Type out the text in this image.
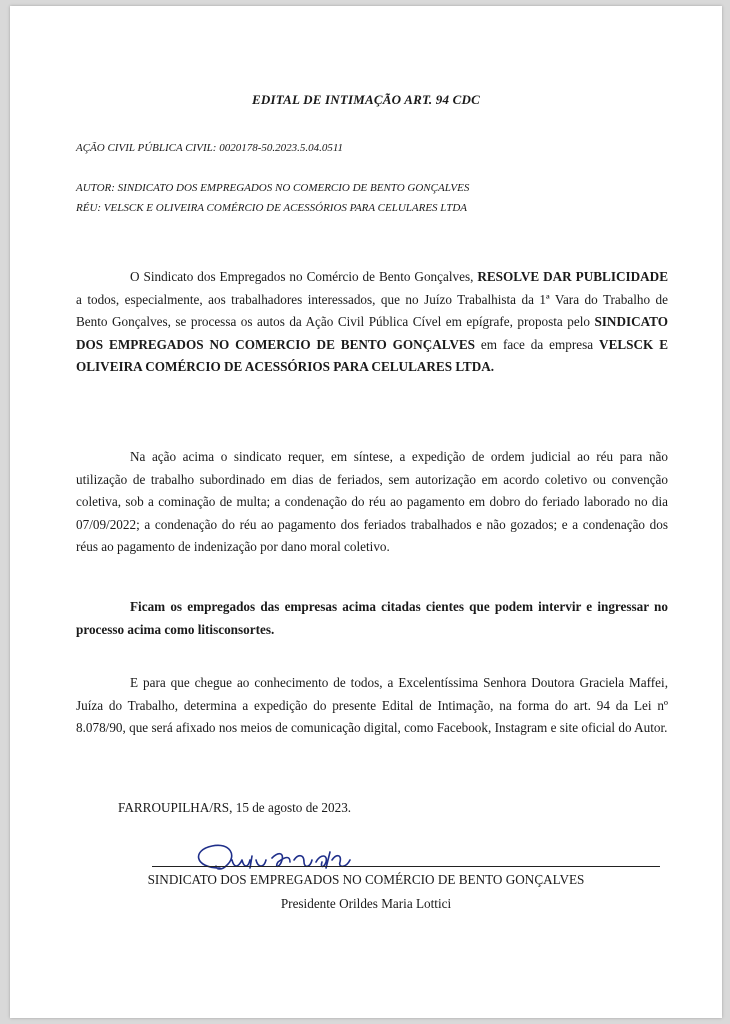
EDITAL DE INTIMAÇÃO ART. 94 CDC
AÇÃO CIVIL PÚBLICA CIVIL: 0020178-50.2023.5.04.0511
AUTOR: SINDICATO DOS EMPREGADOS NO COMERCIO DE BENTO GONÇALVES
RÉU: VELSCK E OLIVEIRA COMÉRCIO DE ACESSÓRIOS PARA CELULARES LTDA

O Sindicato dos Empregados no Comércio de Bento Gonçalves, RESOLVE DAR PUBLICIDADE a todos, especialmente, aos trabalhadores interessados, que no Juízo Trabalhista da 1ª Vara do Trabalho de Bento Gonçalves, se processa os autos da Ação Civil Pública Cível em epígrafe, proposta pelo SINDICATO DOS EMPREGADOS NO COMERCIO DE BENTO GONÇALVES em face da empresa VELSCK E OLIVEIRA COMÉRCIO DE ACESSÓRIOS PARA CELULARES LTDA.

Na ação acima o sindicato requer, em síntese, a expedição de ordem judicial ao réu para não utilização de trabalho subordinado em dias de feriados, sem autorização em acordo coletivo ou convenção coletiva, sob a cominação de multa; a condenação do réu ao pagamento em dobro do feriado laborado no dia 07/09/2022; a condenação do réu ao pagamento dos feriados trabalhados e não gozados; e a condenação dos réus ao pagamento de indenização por dano moral coletivo.

Ficam os empregados das empresas acima citadas cientes que podem intervir e ingressar no processo acima como litisconsortes.

E para que chegue ao conhecimento de todos, a Excelentíssima Senhora Doutora Graciela Maffei, Juíza do Trabalho, determina a expedição do presente Edital de Intimação, na forma do art. 94 da Lei nº 8.078/90, que será afixado nos meios de comunicação digital, como Facebook, Instagram e site oficial do Autor.

FARROUPILHA/RS, 15 de agosto de 2023.
SINDICATO DOS EMPREGADOS NO COMÉRCIO DE BENTO GONÇALVES
Presidente Orildes Maria Lottici
